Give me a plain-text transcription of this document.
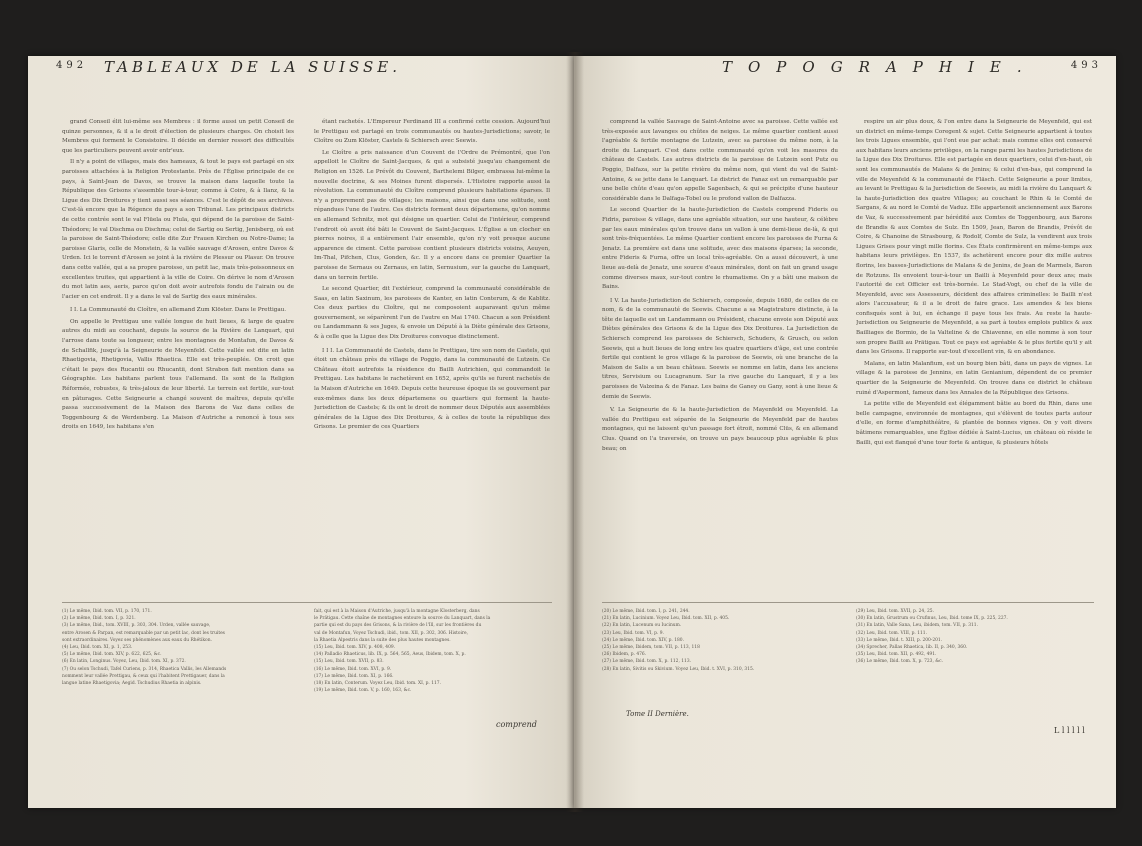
492 TABLEAUX DE LA SUISSE.	TOPOGRAPHIE.	493

grand Conseil élit lui-même ses Membres : il forme aussi un petit Conseil de quinze personnes, & il a le droit d'élection de plusieurs charges. On choisit les Membres qui forment le Consistoire. Il décide en dernier ressort des difficultés que les particuliers peuvent avoir entr'eux.

Il n'y a point de villages, mais des hameaux, & tout le pays est partagé en six paroisses attachées à la Religion Protestante. Près de l'Église principale de ce pays, à Saint-Jean de Davos, se trouve la maison dans laquelle toute la République des Grisons s'assemble tour-à-tour, comme à Coire, & à Ilanz, & la Ligue des Dix Droitures y tient aussi ses séances. C'est le dépôt de ses archives. C'est-là encore que la Régence du pays a son Tribunal. Les principaux districts de cette contrée sont le val Flüela ou Flula, qui dépend de la paroisse de Saint-Théodore; le val Dischma ou Dischma; celui de Sartig ou Sertig, Jenisberg, où est la paroisse de Saint-Théodore; celle dite Zur Frauen Kirchen ou Notre-Dame; la paroisse Glaris, celle de Monstein, & la vallée sauvage d'Arosen, entre Davos & Urden. Ici le torrent d'Arosen se joint à la rivière de Plessur ou Plasur. On trouve dans cette vallée, qui a sa propre paroisse, un petit lac, mais très-poissonneux en excellentes truites, qui appartient à la ville de Coire. On dérive le nom d'Arosen du mot latin aes, aeris, parce qu'on doit avoir autrefois fondu de l'airain ou de l'acier en cet endroit. Il y a dans le val de Sartig des eaux minérales.

I I. La Communauté du Cloître, en allemand Zum Klöster. Dans le Prettigau.

On appelle le Prettigau une vallée longue de huit lieues, & large de quatre autres du midi au couchant, depuis la source de la Rivière de Lanquart, qui l'arrose dans toute sa longueur, entre les montagnes de Montafun, de Davos & de Schallfik, jusqu'à la Seigneurie de Meyenfeld. Cette vallée est dite en latin Rhaetigovia, Rhetigovia, Vallis Rhaetica. Elle est très-peuplée. On croit que c'était le pays des Rucantii ou Rhucantii, dont Strabon fait mention dans sa Géographie. Les habitans parlent tous l'allemand. Ils sont de la Religion Réformée, robustes, & très-jaloux de leur liberté. Le terrein est fertile, sur-tout en pâturages. Cette Seigneurie a changé souvent de maîtres, depuis qu'elle passa successivement de la Maison des Barons de Vaz dans celles de Toggenbourg & de Werdenberg. La Maison d'Autriche a renoncé à tous ses droits en 1649, les habitans s'en

étant rachetés. L'Empereur Ferdinand III a confirmé cette cession. Aujourd'hui le Prettigau est partagé en trois communautés ou hautes-Jurisdictions; savoir, le Cloître ou Zum Klöster, Castels & Schiersch avec Seewis.

Le Cloître a pris naissance d'un Couvent de l'Ordre de Prémontré, que l'on appelloit le Cloître de Saint-Jacques, & qui a subsisté jusqu'au changement de Religion en 1526. Le Prévôt du Couvent, Barthelemi Bilger, embrassa lui-même la nouvelle doctrine, & ses Moines furent dispersés. L'Histoire rapporte aussi la révolution. La communauté du Cloître comprend plusieurs habitations éparses. Il n'y a proprement pas de villages; les maisons, ainsi que dans une solitude, sont répandues l'une de l'autre. Ces districts forment deux départemens, qu'on nomme en allemand Schnitz, mot qui désigne un quartier. Celui de l'intérieur, comprend l'endroit où avoit été bâti le Couvent de Saint-Jacques. L'Église a un clocher en pierres noires, il a entièrement l'air ensemble, qu'on n'y voit presque aucune apparence de ciment. Cette paroisse contient plusieurs districts voisins, Aeuyen, Im-Thal, Pifchen, Clus, Gonden, &c. Il y a encore dans ce premier Quartier la paroisse de Sernaus ou Zernaus, en latin, Sernusium, sur la gauche du Lanquart, dans un terrein fertile.

Le second Quartier, dit l'extérieur, comprend la communauté considérable de Saas, en latin Saxinum, les paroisses de Kanter, en latin Conterum, & de Kablitz. Ces deux parties du Cloître, qui ne composoient auparavant qu'un même gouvernement, se séparèrent l'un de l'autre en Mai 1740. Chacun a son Président ou Landammann & ses Juges, & envoie un Député à la Diète générale des Grisons, & à celle que la Ligue des Dix Droitures convoque distinctement.

I I I. La Communauté de Castels, dans le Prettigau, tire son nom de Castels, qui étoit un château près du village de Poggio, dans la communauté de Lutzein. Ce Château étoit autrefois la résidence du Bailli Autrichien, qui commandoit le Prettigau. Les habitans le rachetèrent en 1652, après qu'ils se furent rachetés de la Maison d'Autriche en 1649. Depuis cette heureuse époque ils se gouvernent par eux-mêmes dans les deux départemens ou quartiers qui forment la haute-Jurisdiction de Castels; & ils ont le droit de nommer deux Députés aux assemblées générales de la Ligue des Dix Droitures, & à celles de toute la république des Grisons. Le premier de ces Quartiers

(1) Le même, Ibid. tom. VII, p. 170, 171.
(2) Le même, Ibid. tom. I, p. 321.
(3) Le même, Ibid., tom. XVIII, p. 303, 304. Urden, vallée sauvage,
entre Arosen & Parpan, est remarquable par un petit lac, dont les truites
sont extraordinaires. Voyez ses phénomènes aux eaux du Rhétikon.
(4) Leu, Ibid. tom. XI, p. 1, 253.
(5) Le même, Ibid. tom. XIV, p. 622, 625, &c.
(6) En latin, Longinus. Voyez, Leu, Ibid. tom. XI, p. 372.
(7) Ou selon Tschudi, Tafel Curiens, p. 314, Rhaetica Vallis, les Allemands
nomment leur vallée Prettigau, & ceux qui l'habitent Prettigauer, dans la
langue latine Rhaetigovia; Aegid. Tschudius Rhaetia in alpinis.
fait, qui est à la Maison d'Autriche, jusqu'à la montagne Klosterberg, dans
le Prätigau. Cette chaîne de montagnes entoure la source du Lanquart, dans la
partie qui est du pays des Grisons, & la rivière de l'Ill, sur les frontières du
val de Montafun, Voyez Tschudi, ibid., tom. XII, p. 302, 306. Histoire,
la Rhaetia Alpestris dans la suite des plus hautes montagnes.
(15) Leu, Ibid. tom. XIV, p. 408, 409.
(14) Palladio Rhaeticus, lib. IX, p. 564, 565, Aeus, Ibidem, tom. X, p.
(15) Leu, Ibid. tom. XVII, p. 83.
(16) Le même, Ibid. tom. XVI, p. 9.
(17) Le même, Ibid. tom. XI, p. 166.
(18) En latin, Conterum. Voyez Leu, Ibid. tom. XI, p. 117.
(19) Le même, Ibid. tom. V, p. 160, 163, &c.
comprend

comprend la vallée Sauvage de Saint-Antoine avec sa paroisse. Cette vallée est très-exposée aux lavanges ou chûtes de neiges. Le même quartier contient aussi l'agréable & fertile montagne de Lutzein, avec sa paroisse du même nom, à la droite du Lanquart. C'est dans cette communauté qu'on voit les masures du château de Castels. Les autres districts de la paroisse de Lutzein sont Putz ou Poggio, Dalfaza, sur la petite rivière du même nom, qui vient du val de Saint-Antoine, & se jette dans le Lanquart. Le district de Fanaz est un remarquable par une belle chûte d'eau qu'on appelle Sagenbach, & qui se précipite d'une hauteur considérable dans le Dalfaga-Tobel ou le profond vallon de Dalfazza.

Le second Quartier de la haute-Jurisdiction de Castels comprend Fideris ou Fidris, paroisse & village, dans une agréable situation, sur une hauteur, & célèbre par les eaux minérales qu'on trouve dans un vallon à une demi-lieue de-là, & qui sont très-fréquentées. Le même Quartier contient encore les paroisses de Furna & Jenatz. La première est dans une solitude, avec des maisons éparses; la seconde, entre Fideris & Furna, offre un local très-agréable. On a aussi découvert, à une lieue au-delà de Jenatz, une source d'eaux minérales, dont on fait un grand usage comme diverses maux, sur-tout contre le rhumatisme. On y a bâti une maison de Bains.

I V. La haute-Jurisdiction de Schiersch, composée, depuis 1680, de celles de ce nom, & de la communauté de Seewis. Chacune a sa Magistrature distincte, à la tête de laquelle est un Landammann ou Président, chacune envoie son Député aux Diètes générales des Grisons & de la Ligue des Dix Droitures. La Jurisdiction de Schiersch comprend les paroisses de Schiersch, Schuders, & Grusch, ou selon Seewis, qui a huit lieues de long entre les quatre quartiers d'âge, est une contrée fertile qui contient le gros village & la paroisse de Seewis, où une branche de la Maison de Salis a un beau château. Seewis se nomme en latin, dans les anciens titres, Servisium ou Lucagranum. Sur la rive gauche du Lanquart, il y a les paroisses de Valzeina & de Fanaz. Les bains de Ganey ou Gany, sont à une lieue & demie de Seewis.

V. La Seigneurie de & la haute-Jurisdiction de Mayenfeld ou Meyenfeld. La vallée du Prettigau est séparée de la Seigneurie de Meyenfeld par de hautes montagnes, qui ne laissent qu'un passage fort étroit, nommé Clüs, & en allemand Clus. Quand on l'a traversée, on trouve un pays beaucoup plus agréable & plus beau; on

respire un air plus doux, & l'on entre dans la Seigneurie de Meyenfeld, qui est un district en même-temps Coregent & sujet. Cette Seigneurie appartient à toutes les trois Ligues ensemble, qui l'ont eue par achat: mais comme elles ont conservé aux habitans leurs anciens privilèges, on la range parmi les hautes Jurisdictions de la Ligue des Dix Droitures. Elle est partagée en deux quartiers, celui d'en-haut, où sont les communautés de Malans & de Jenins; & celui d'en-bas, qui comprend la ville de Meyenfeld & la communauté de Fläsch. Cette Seigneurie a pour limites, au levant le Prettigau & la Jurisdiction de Seewis, au midi la rivière du Lanquart & la haute-Jurisdiction des quatre Villages; au couchant le Rhin & le Comté de Sargans, & au nord le Comté de Vaduz. Elle appartenoit anciennement aux Barons de Vaz, & successivement par hérédité aux Comtes de Toggenbourg, aux Barons de Brandis & aux Comtes de Sulz. En 1509, Jean, Baron de Brandis, Prévôt de Coire, & Chanoine de Strasbourg, & Rodolf, Comte de Sulz, la vendirent aux trois Ligues Grises pour vingt mille florins. Ces États confirmèrent en même-temps aux habitans leurs privilèges. En 1537, ils achetèrent encore pour dix mille autres florins, les basses-Jurisdictions de Malans & de Jenins, de Jean de Marmels, Baron de Rotzuns. Ils envoient tour-à-tour un Bailli à Meyenfeld pour deux ans; mais l'autorité de cet Officier est très-bornée. Le Stad-Vogt, ou chef de la ville de Meyenfeld, avec ses Assesseurs, décident des affaires criminelles: le Bailli n'est alors l'accusateur, & il a le droit de faire grace. Les amendes & les biens confisqués sont à lui, en échange il paye tous les frais. Au reste la haute-Jurisdiction ou Seigneurie de Meyenfeld, a sa part à toutes emplois publics & aux Bailliages de Bormio, de la Valteline & de Chiavenne, en elle nomme à son tour son propre Bailli au Prätigau. Tout ce pays est agréable & le plus fertile qu'il y ait dans les Grisons. Il rapporte sur-tout d'excellent vin, & en abondance.

Malans, en latin Malanfium, est un bourg bien bâti, dans un pays de vignes. Le village & la paroisse de Jennins, en latin Genianium, dépendent de ce premier quartier de la Seigneurie de Meyenfeld. On trouve dans ce district le château ruiné d'Aspermont, fameux dans les Annales de la République des Grisons.

La petite ville de Meyenfeld est élégamment bâtie au bord du Rhin, dans une belle campagne, environnée de montagnes, qui s'élèvent de toutes parts autour d'elle, en forme d'amphithéâtre, & plantée de bonnes vignes. On y voit divers bâtimens remarquables, une Église dédiée à Saint-Lucius, un château où réside le Bailli, qui est flanqué d'une tour forte & antique, & plusieurs hôtels

(20) Le même, Ibid. tom. I, p. 241, 244.
(21) En latin, Lucinium. Voyez Leu, Ibid. tom. XII, p. 405.
(22) En latin, Lucenum ou Iucinum.
(23) Leu, Ibid. tom. VI, p. 9.
(24) Le même, Ibid. tom. XIV, p. 180.
(25) Le même, Ibidem, tom. VII, p. 113, 118
(26) Ibidem, p. 476.
(27) Le même, Ibid. tom. X, p. 112, 113.
(28) En latin, Sivitis ou Skivium. Voyez Leu, Ibid. t. XVI, p. 310, 315.
(29) Leu, Ibid. tom. XVII, p. 24, 25.
(30) En latin, Grustrum ou Crufinus, Leu, Ibid. tome IX, p. 225, 227.
(31) En latin, Valle Sana, Leu, ibidem, tom. VII, p. 311.
(32) Leu, Ibid. tom. VIII, p. 111.
(33) Le même, Ibid. t. XIII, p. 200-201.
(34) Sprecher, Pallas Rhaetica, lib. II, p. 340, 360.
(35) Leu, Ibid. tom. XII, p. 492, 491.
(36) Le même, Ibid. tom. X, p. 723, &c.
Tome II Dernière.
L l l l l l
